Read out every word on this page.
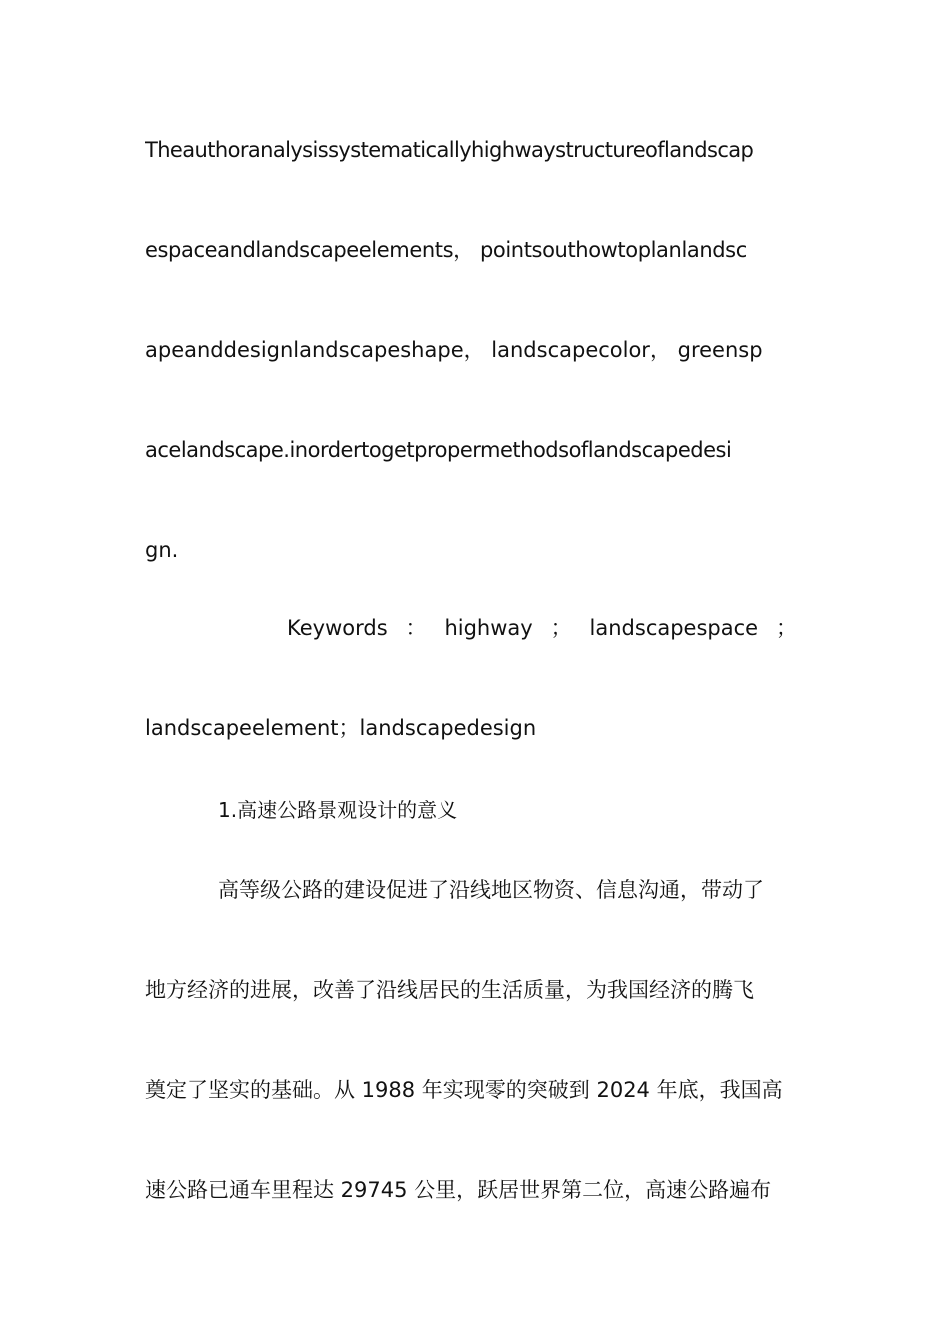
Theauthoranalysissystematicallyhighwaystructureoflandscap
espaceandlandscapeelements， pointsouthowtoplanlandsc
apeanddesignlandscapeshape， landscapecolor， greensp
acelandscape.inordertogetpropermethodsoflandscapedesi
gn.
Keywords ： highway ； landscapespace ；
landscapeelement；landscapedesign
1.高速公路景观设计的意义
高等级公路的建设促进了沿线地区物资、信息沟通，带动了
地方经济的进展，改善了沿线居民的生活质量，为我国经济的腾飞
奠定了坚实的基础。从 1988 年实现零的突破到 2024 年底，我国高
速公路已通车里程达 29745 公里，跃居世界第二位，高速公路遍布
